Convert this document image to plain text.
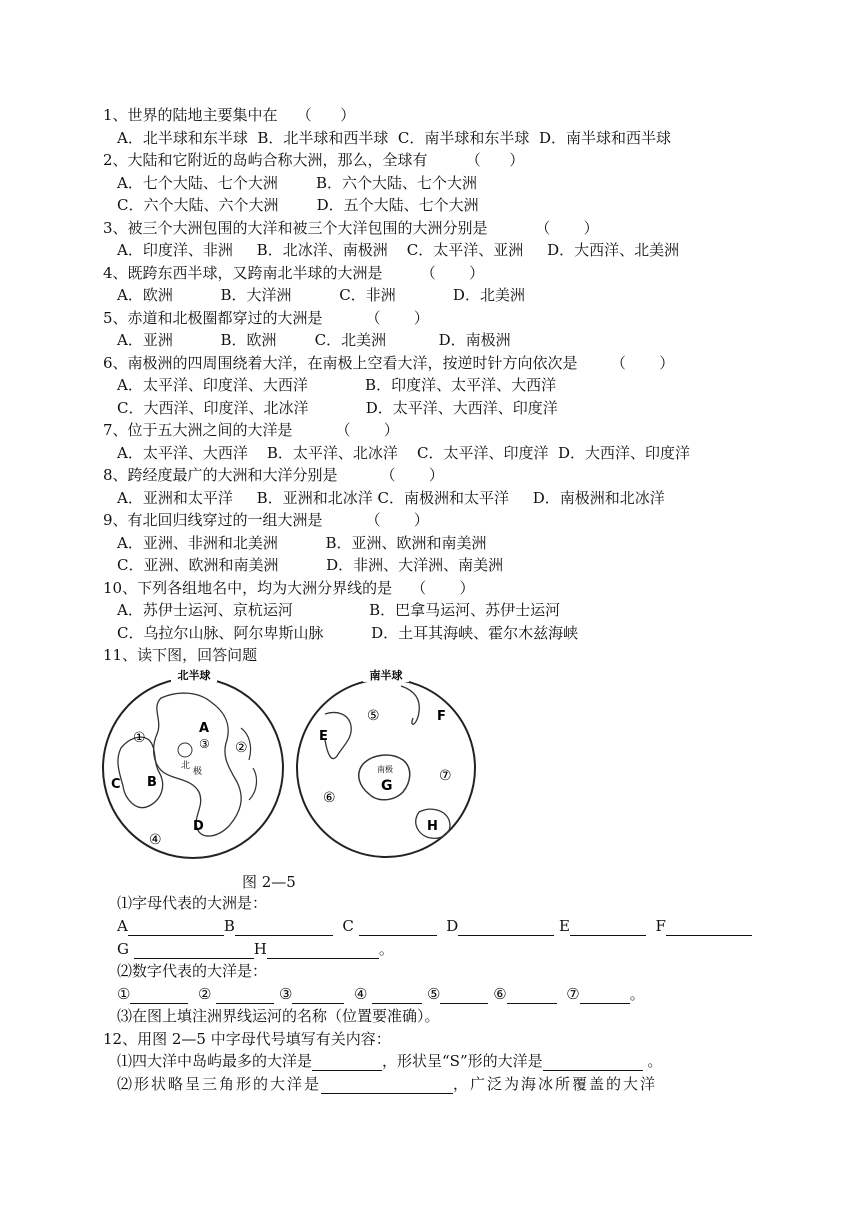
1、世界的陆地主要集中在    （      ）
A．北半球和东半球  B．北半球和西半球  C．南半球和东半球  D．南半球和西半球
2、大陆和它附近的岛屿合称大洲，那么，全球有        （      ）
A．七个大陆、七个大洲        B．六个大陆、七个大洲
C．六个大陆、六个大洲        D．五个大陆、七个大洲
3、被三个大洲包围的大洋和被三个大洋包围的大洲分别是          （       ）
A．印度洋、非洲     B．北冰洋、南极洲    C．太平洋、亚洲     D．大西洋、北美洲
4、既跨东西半球，又跨南北半球的大洲是        （       ）
A．欧洲          B．大洋洲          C．非洲            D．北美洲
5、赤道和北极圈都穿过的大洲是         （       ）
A．亚洲          B．欧洲        C．北美洲           D．南极洲
6、南极洲的四周围绕着大洋，在南极上空看大洋，按逆时针方向依次是       （       ）
A．太平洋、印度洋、大西洋            B．印度洋、太平洋、大西洋
C．大西洋、印度洋、北冰洋            D．太平洋、大西洋、印度洋
7、位于五大洲之间的大洋是         （       ）
A．太平洋、大西洋    B．太平洋、北冰洋    C．太平洋、印度洋  D．大西洋、印度洋
8、跨经度最广的大洲和大洋分别是         （       ）
A．亚洲和太平洋     B．亚洲和北冰洋 C．南极洲和太平洋     D．南极洲和北冰洋
9、有北回归线穿过的一组大洲是         （       ）
A．亚洲、非洲和北美洲          B．亚洲、欧洲和南美洲
C．亚洲、欧洲和南美洲          D．非洲、大洋洲、南美洲
10、下列各组地名中，均为大洲分界线的是    （       ）
A．苏伊士运河、京杭运河                B．巴拿马运河、苏伊士运河
C．乌拉尔山脉、阿尔卑斯山脉          D．土耳其海峡、霍尔木兹海峡
11、读下图，回答问题
北半球
A
B
C
D
①
②
③
④
北
极
南半球
F
E
G
H
⑤
⑥
⑦
南极
图 2—5
⑴字母代表的大洲是：
A	B	C	D	E	F
G	H	。
⑵数字代表的大洋是：
①	②	③	④	⑤	⑥	⑦	。
⑶在图上填注洲界线运河的名称（位置要准确）。
12、用图 2—5 中字母代号填写有关内容：
⑴四大洋中岛屿最多的大洋是	，形状呈“S”形的大洋是	。
⑵形状略呈三角形的大洋是	，广泛为海冰所覆盖的大洋
